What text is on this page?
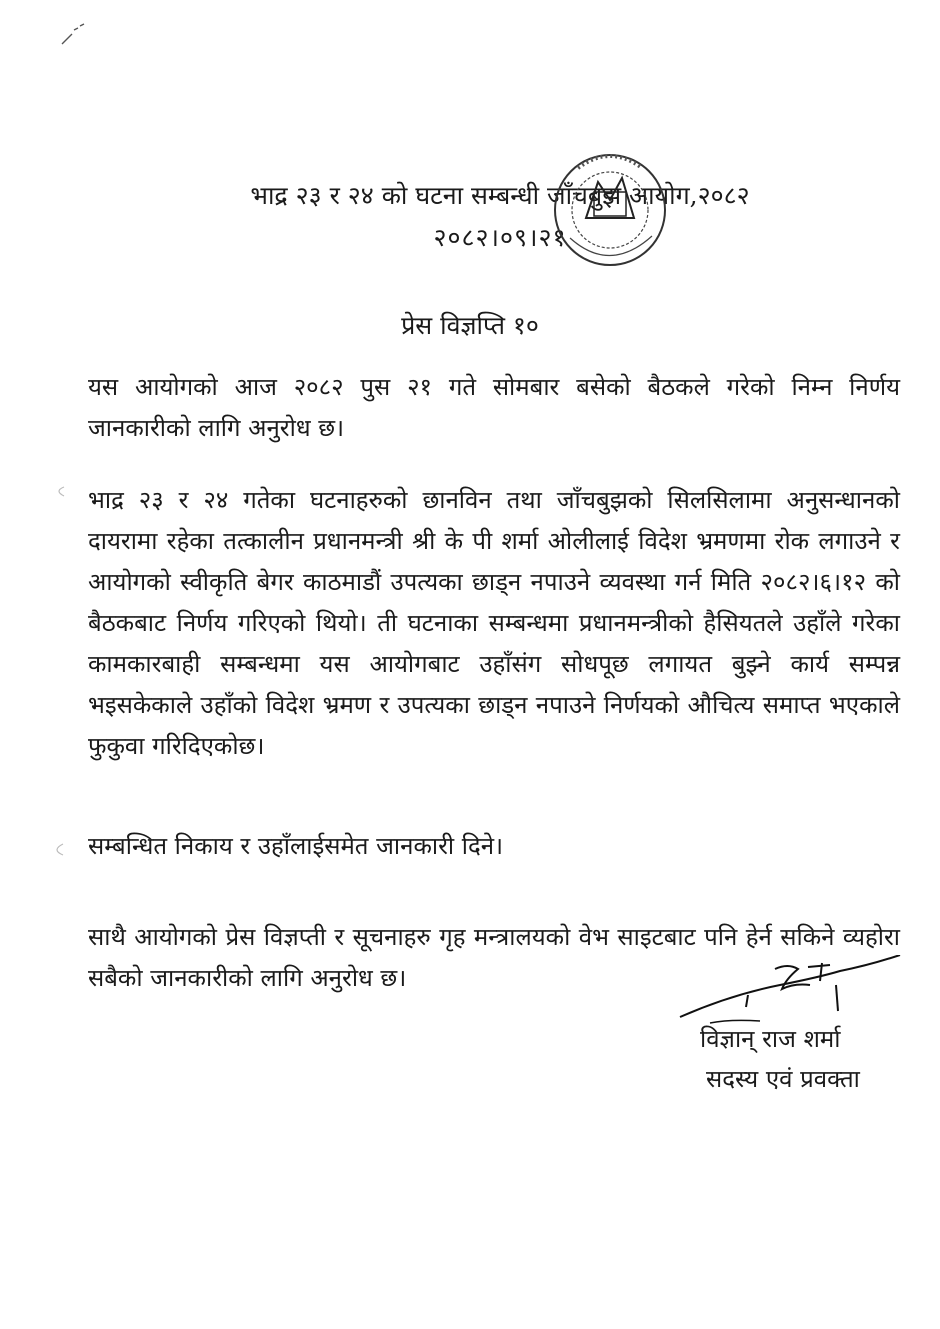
भाद्र २३ र २४ को घटना सम्बन्धी जाँचबुझ आयोग,२०८२
२०८२।०९।२१
प्रेस विज्ञप्ति १०

यस आयोगको आज २०८२ पुस २१ गते सोमबार बसेको बैठकले गरेको निम्न निर्णय जानकारीको लागि अनुरोध छ।

भाद्र २३ र २४ गतेका घटनाहरुको छानविन तथा जाँचबुझको सिलसिलामा अनुसन्धानको दायरामा रहेका तत्कालीन प्रधानमन्त्री श्री के पी शर्मा ओलीलाई विदेश भ्रमणमा रोक लगाउने र आयोगको स्वीकृति बेगर काठमाडौं उपत्यका छाड्न नपाउने व्यवस्था गर्न मिति २०८२।६।१२ को बैठकबाट निर्णय गरिएको थियो। ती घटनाका सम्बन्धमा प्रधानमन्त्रीको हैसियतले उहाँले गरेका कामकारबाही सम्बन्धमा यस आयोगबाट उहाँसंग सोधपूछ लगायत बुझ्ने कार्य सम्पन्न भइसकेकाले उहाँको विदेश भ्रमण र उपत्यका छाड्न नपाउने निर्णयको औचित्य समाप्त भएकाले फुकुवा गरिदिएकोछ।

सम्बन्धित निकाय र उहाँलाईसमेत जानकारी दिने।

साथै आयोगको प्रेस विज्ञप्ती र सूचनाहरु गृह मन्त्रालयको वेभ साइटबाट पनि हेर्न सकिने व्यहोरा सबैको जानकारीको लागि अनुरोध छ।

विज्ञान् राज शर्मा
सदस्य एवं प्रवक्ता
